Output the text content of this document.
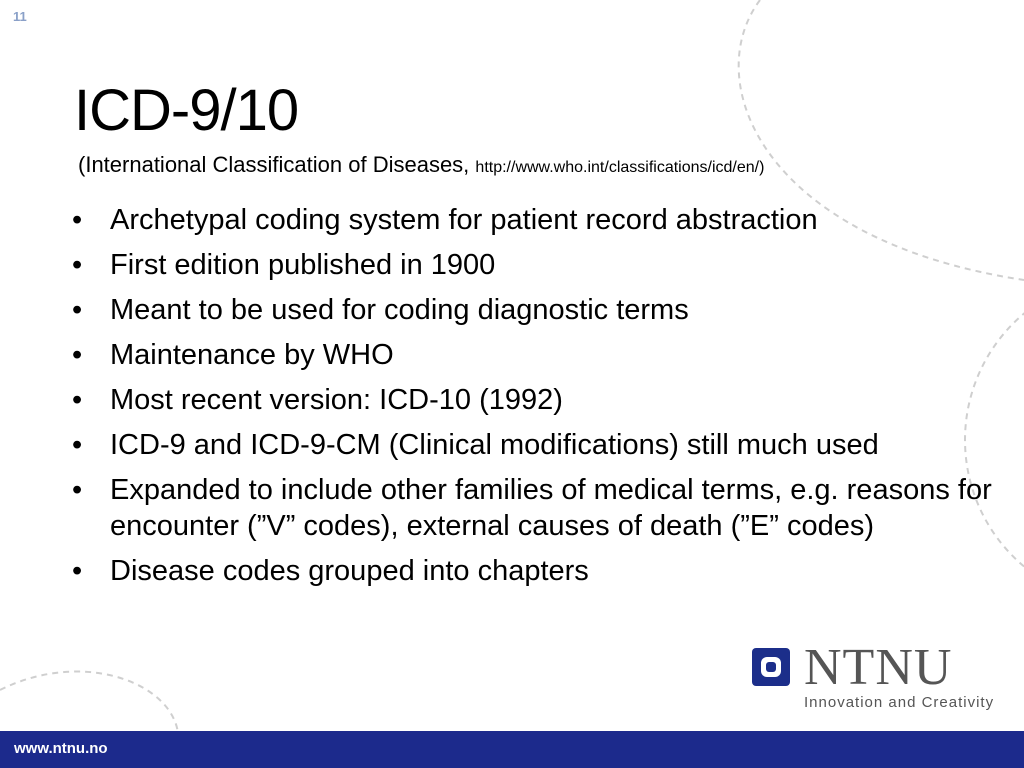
11
ICD-9/10
(International Classification of Diseases, http://www.who.int/classifications/icd/en/)
• Archetypal coding system for patient record abstraction
• First edition published in 1900
• Meant to be used for coding diagnostic terms
• Maintenance by WHO
• Most recent version: ICD-10 (1992)
• ICD-9 and ICD-9-CM (Clinical modifications) still much used
• Expanded to include other families of medical terms, e.g. reasons for encounter (”V” codes), external causes of death (”E” codes)
• Disease codes grouped into chapters
NTNU
Innovation and Creativity
www.ntnu.no
